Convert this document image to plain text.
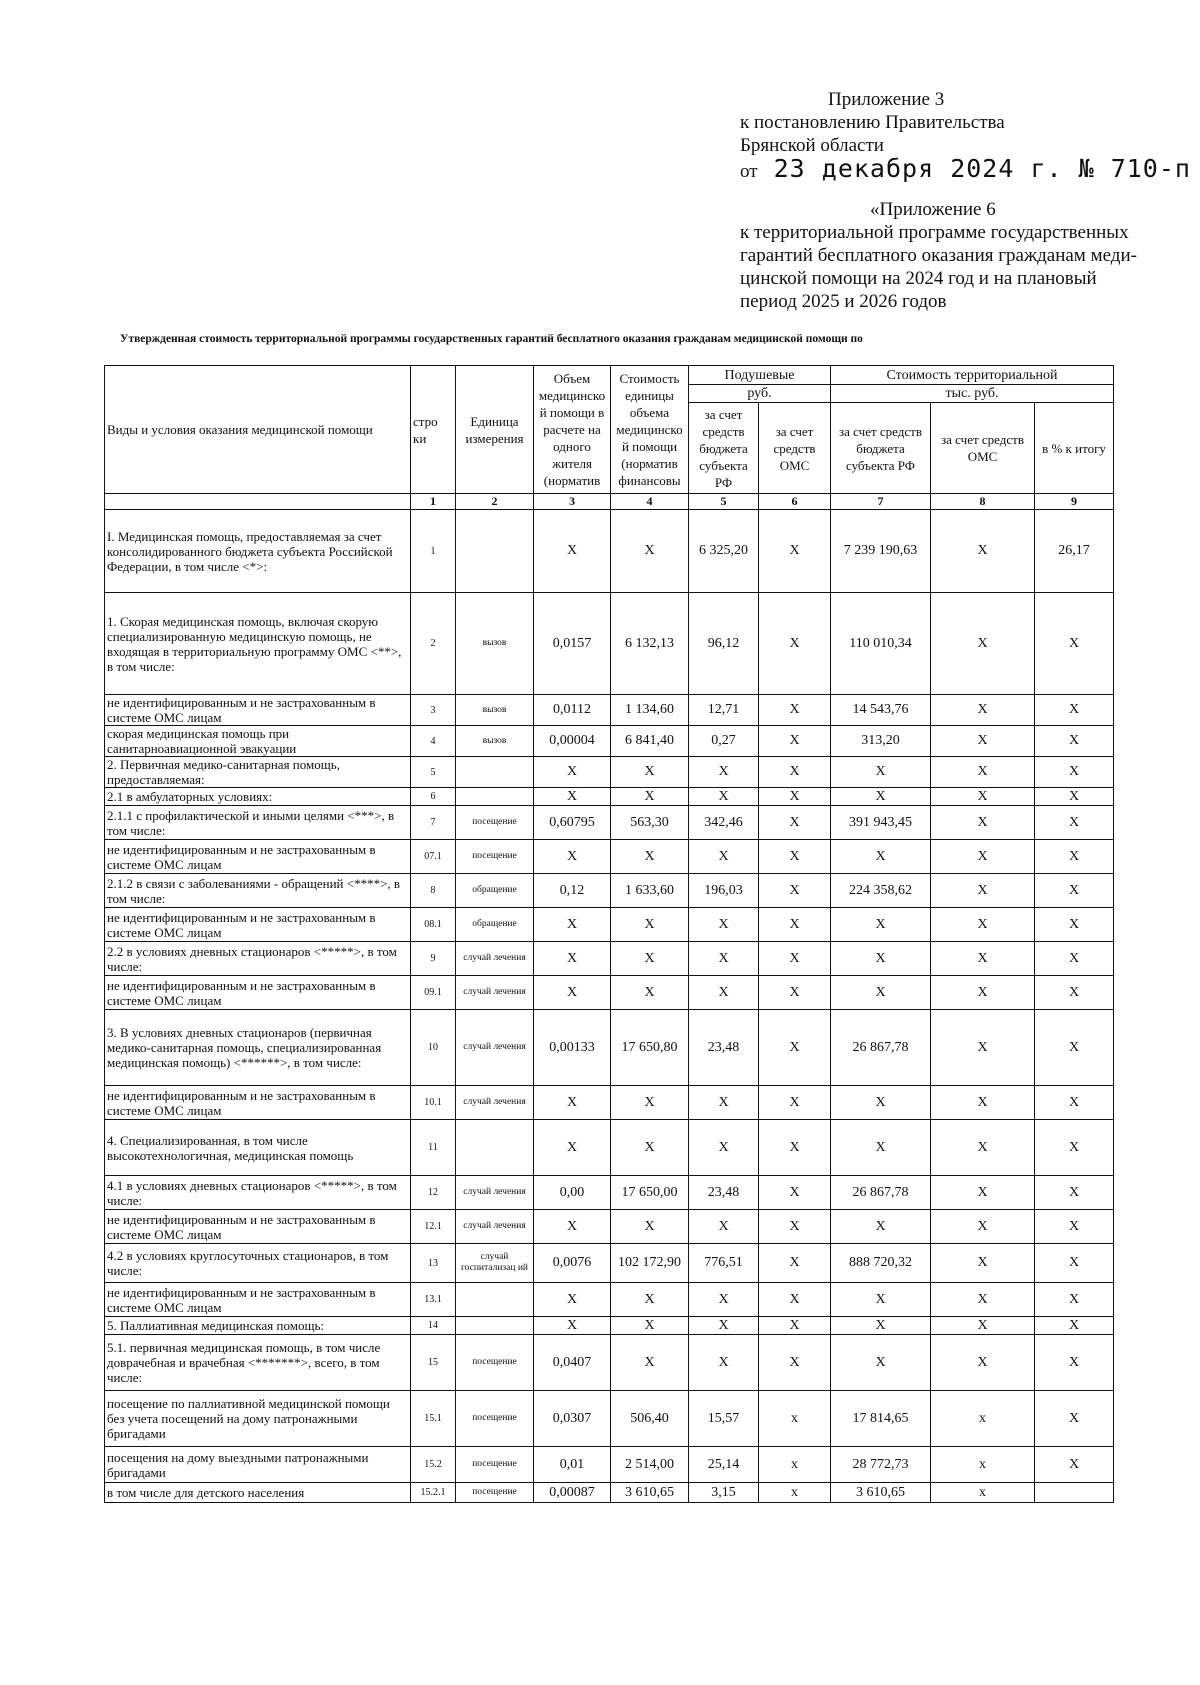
Приложение 3
к постановлению Правительства
Брянской области
от 23 декабря 2024 г. № 710-п
«Приложение 6
к территориальной программе государственных
гарантий бесплатного оказания гражданам меди-
цинской помощи на 2024 год и на плановый
период 2025 и 2026 годов
Утвержденная стоимость территориальной программы государственных гарантий бесплатного оказания гражданам медицинской помощи по
Виды и условия оказания медицинской помощи	стро ки	Единица измерения	Объем медицинско й помощи в расчете на одного жителя (норматив	Стоимость единицы объема медицинско й помощи (норматив финансовы	Подушевые		Стоимость территориальной		
					руб.		тыс. руб.		
					за счет средств бюджета субъекта РФ	за счет средств ОМС	за счет средств бюджета субъекта РФ	за счет средств ОМС	в % к итогу
	1	2	3	4	5	6	7	8	9
I. Медицинская помощь, предоставляемая за счет консолидированного бюджета субъекта Российской Федерации, в том числе <*>:	1		X	X	6 325,20	X	7 239 190,63	X	26,17
1. Скорая медицинская помощь, включая скорую специализированную медицинскую помощь, не входящая в территориальную программу ОМС <**>, в том числе:	2	вызов	0,0157	6 132,13	96,12	X	110 010,34	X	X
не идентифицированным и не застрахованным в системе ОМС лицам	3	вызов	0,0112	1 134,60	12,71	X	14 543,76	X	X
скорая медицинская помощь при санитарноавиационной эвакуации	4	вызов	0,00004	6 841,40	0,27	X	313,20	X	X
2. Первичная медико-санитарная помощь, предоставляемая:	5		X	X	X	X	X	X	X
2.1 в амбулаторных условиях:	6		X	X	X	X	X	X	X
2.1.1 с профилактической и иными целями <***>, в том числе:	7	посещение	0,60795	563,30	342,46	X	391 943,45	X	X
не идентифицированным и не застрахованным в системе ОМС лицам	07.1	посещение	X	X	X	X	X	X	X
2.1.2 в связи с заболеваниями - обращений <****>, в том числе:	8	обращение	0,12	1 633,60	196,03	X	224 358,62	X	X
не идентифицированным и не застрахованным в системе ОМС лицам	08.1	обращение	X	X	X	X	X	X	X
2.2 в условиях дневных стационаров <*****>, в том числе:	9	случай лечения	X	X	X	X	X	X	X
не идентифицированным и не застрахованным в системе ОМС лицам	09.1	случай лечения	X	X	X	X	X	X	X
3. В условиях дневных стационаров (первичная медико-санитарная помощь, специализированная медицинская помощь) <******>, в том числе:	10	случай лечения	0,00133	17 650,80	23,48	X	26 867,78	X	X
не идентифицированным и не застрахованным в системе ОМС лицам	10.1	случай лечения	X	X	X	X	X	X	X
4. Специализированная, в том числе высокотехнологичная, медицинская помощь	11		X	X	X	X	X	X	X
4.1 в условиях дневных стационаров <*****>, в том числе:	12	случай лечения	0,00	17 650,00	23,48	X	26 867,78	X	X
не идентифицированным и не застрахованным в системе ОМС лицам	12.1	случай лечения	X	X	X	X	X	X	X
4.2 в условиях круглосуточных стационаров, в том числе:	13	случай госпитализац ий	0,0076	102 172,90	776,51	X	888 720,32	X	X
не идентифицированным и не застрахованным в системе ОМС лицам	13.1		X	X	X	X	X	X	X
5. Паллиативная медицинская помощь:	14		X	X	X	X	X	X	X
5.1. первичная медицинская помощь, в том числе доврачебная и врачебная <*******>, всего, в том числе:	15	посещение	0,0407	X	X	X	X	X	X
посещение по паллиативной медицинской помощи без учета посещений на дому патронажными бригадами	15.1	посещение	0,0307	506,40	15,57	x	17 814,65	x	X
посещения на дому выездными патронажными бригадами	15.2	посещение	0,01	2 514,00	25,14	x	28 772,73	x	X
в том числе для детского населения	15.2.1	посещение	0,00087	3 610,65	3,15	x	3 610,65	x	
